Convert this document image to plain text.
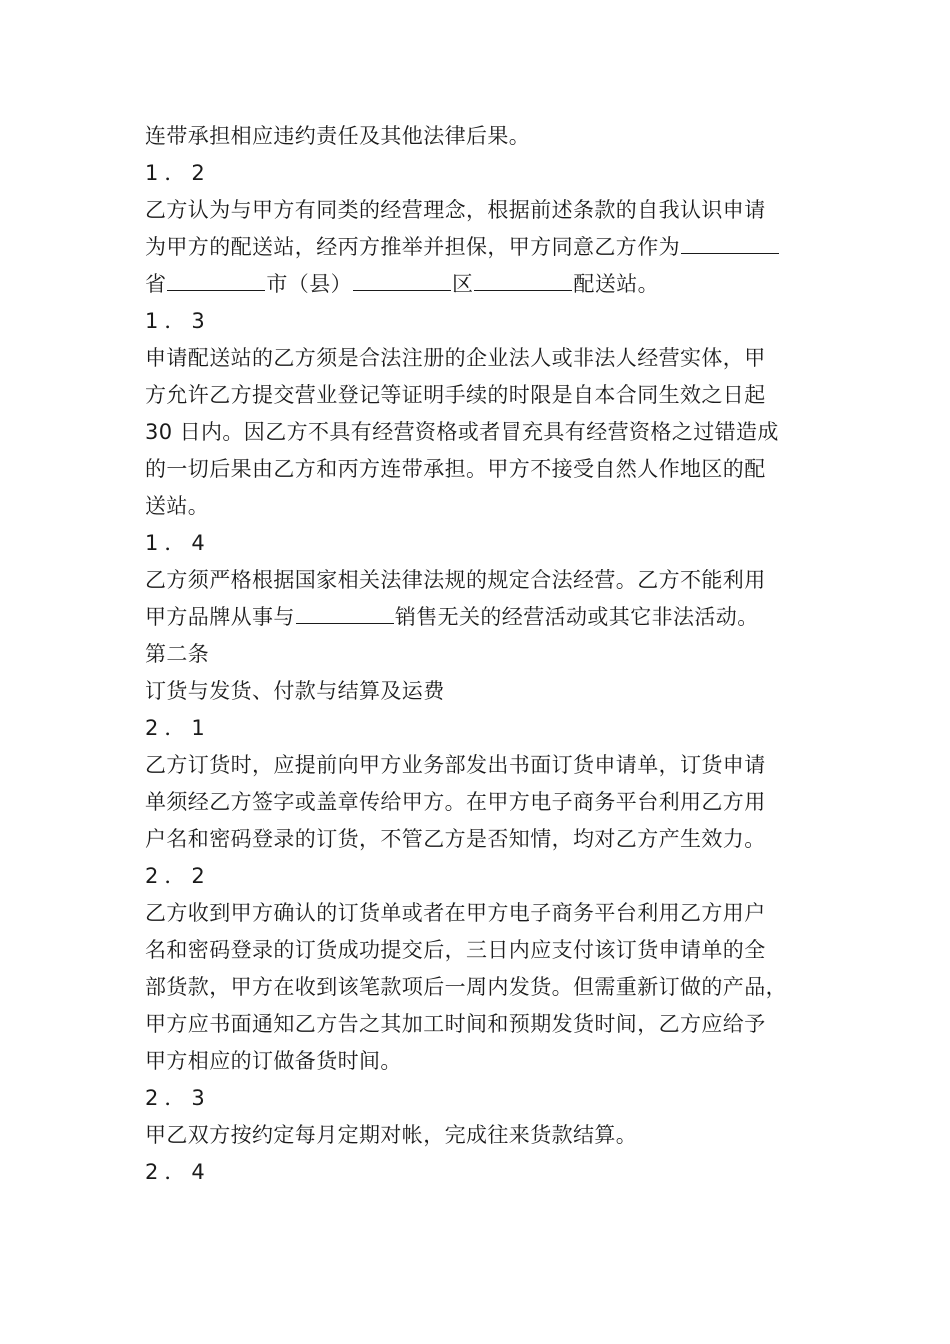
连带承担相应违约责任及其他法律后果。
1．2
乙方认为与甲方有同类的经营理念，根据前述条款的自我认识申请
为甲方的配送站，经丙方推举并担保，甲方同意乙方作为
省	市（县）	区	配送站。
1．3
申请配送站的乙方须是合法注册的企业法人或非法人经营实体，甲
方允许乙方提交营业登记等证明手续的时限是自本合同生效之日起
30 日内。因乙方不具有经营资格或者冒充具有经营资格之过错造成
的一切后果由乙方和丙方连带承担。甲方不接受自然人作地区的配
送站。
1．4
乙方须严格根据国家相关法律法规的规定合法经营。乙方不能利用
甲方品牌从事与	销售无关的经营活动或其它非法活动。
第二条
订货与发货、付款与结算及运费
2．1
乙方订货时，应提前向甲方业务部发出书面订货申请单，订货申请
单须经乙方签字或盖章传给甲方。在甲方电子商务平台利用乙方用
户名和密码登录的订货，不管乙方是否知情，均对乙方产生效力。
2．2
乙方收到甲方确认的订货单或者在甲方电子商务平台利用乙方用户
名和密码登录的订货成功提交后，三日内应支付该订货申请单的全
部货款，甲方在收到该笔款项后一周内发货。但需重新订做的产品，
甲方应书面通知乙方告之其加工时间和预期发货时间，乙方应给予
甲方相应的订做备货时间。
2．3
甲乙双方按约定每月定期对帐，完成往来货款结算。
2．4
